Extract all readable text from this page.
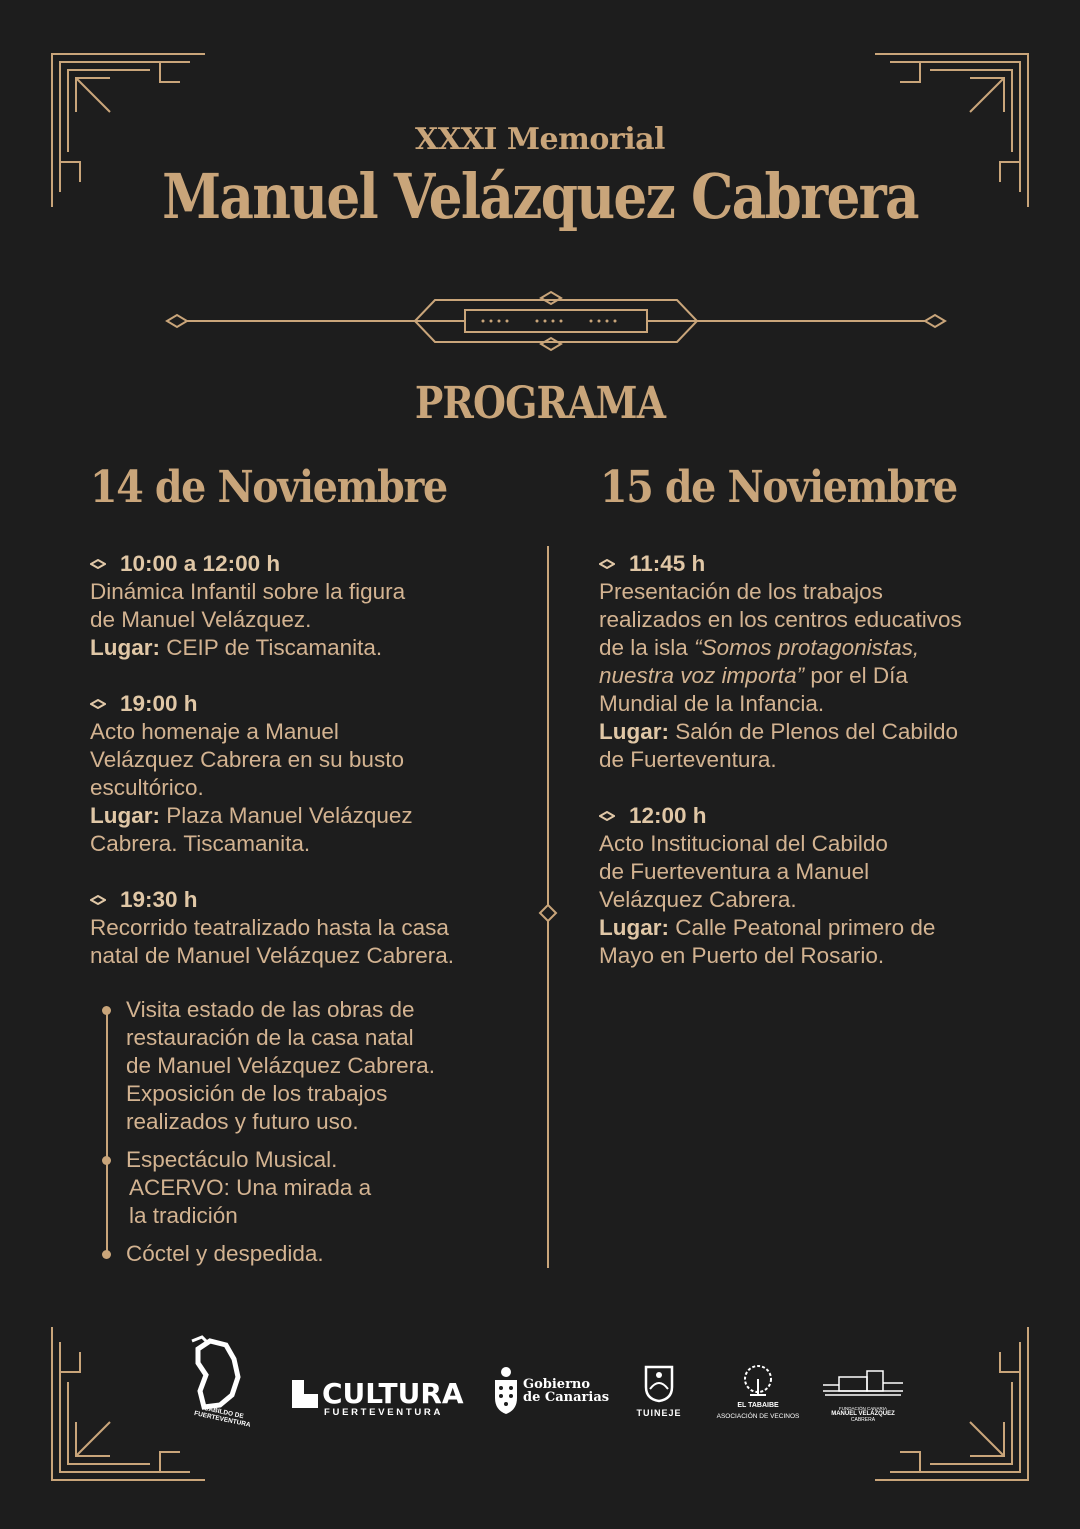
XXXI Memorial
Manuel Velázquez Cabrera
PROGRAMA
14 de Noviembre	15 de Noviembre
10:00 a 12:00 h
Dinámica Infantil sobre la figura
de Manuel Velázquez.
Lugar: CEIP de Tiscamanita.
19:00 h
Acto homenaje a Manuel
Velázquez Cabrera en su busto
escultórico.
Lugar: Plaza Manuel Velázquez
Cabrera. Tiscamanita.
19:30 h
Recorrido teatralizado hasta la casa
natal de Manuel Velázquez Cabrera.
Visita estado de las obras de
restauración de la casa natal
de Manuel Velázquez Cabrera.
Exposición de los trabajos
realizados y futuro uso.
Espectáculo Musical.
ACERVO: Una mirada a
la tradición
Cóctel y despedida.
11:45 h
Presentación de los trabajos
realizados en los centros educativos
de la isla “Somos protagonistas,
nuestra voz importa” por el Día
Mundial de la Infancia.
Lugar: Salón de Plenos del Cabildo
de Fuerteventura.
12:00 h
Acto Institucional del Cabildo
de Fuerteventura a Manuel
Velázquez Cabrera.
Lugar: Calle Peatonal primero de
Mayo en Puerto del Rosario.
CABILDO DE FUERTEVENTURA
CULTURA
FUERTEVENTURA
Gobierno
de Canarias
TUINEJE
EL TABAIBE
ASOCIACIÓN DE VECINOS
FUNDACIÓN CANARIA
MANUEL VELÁZQUEZ
CABRERA
